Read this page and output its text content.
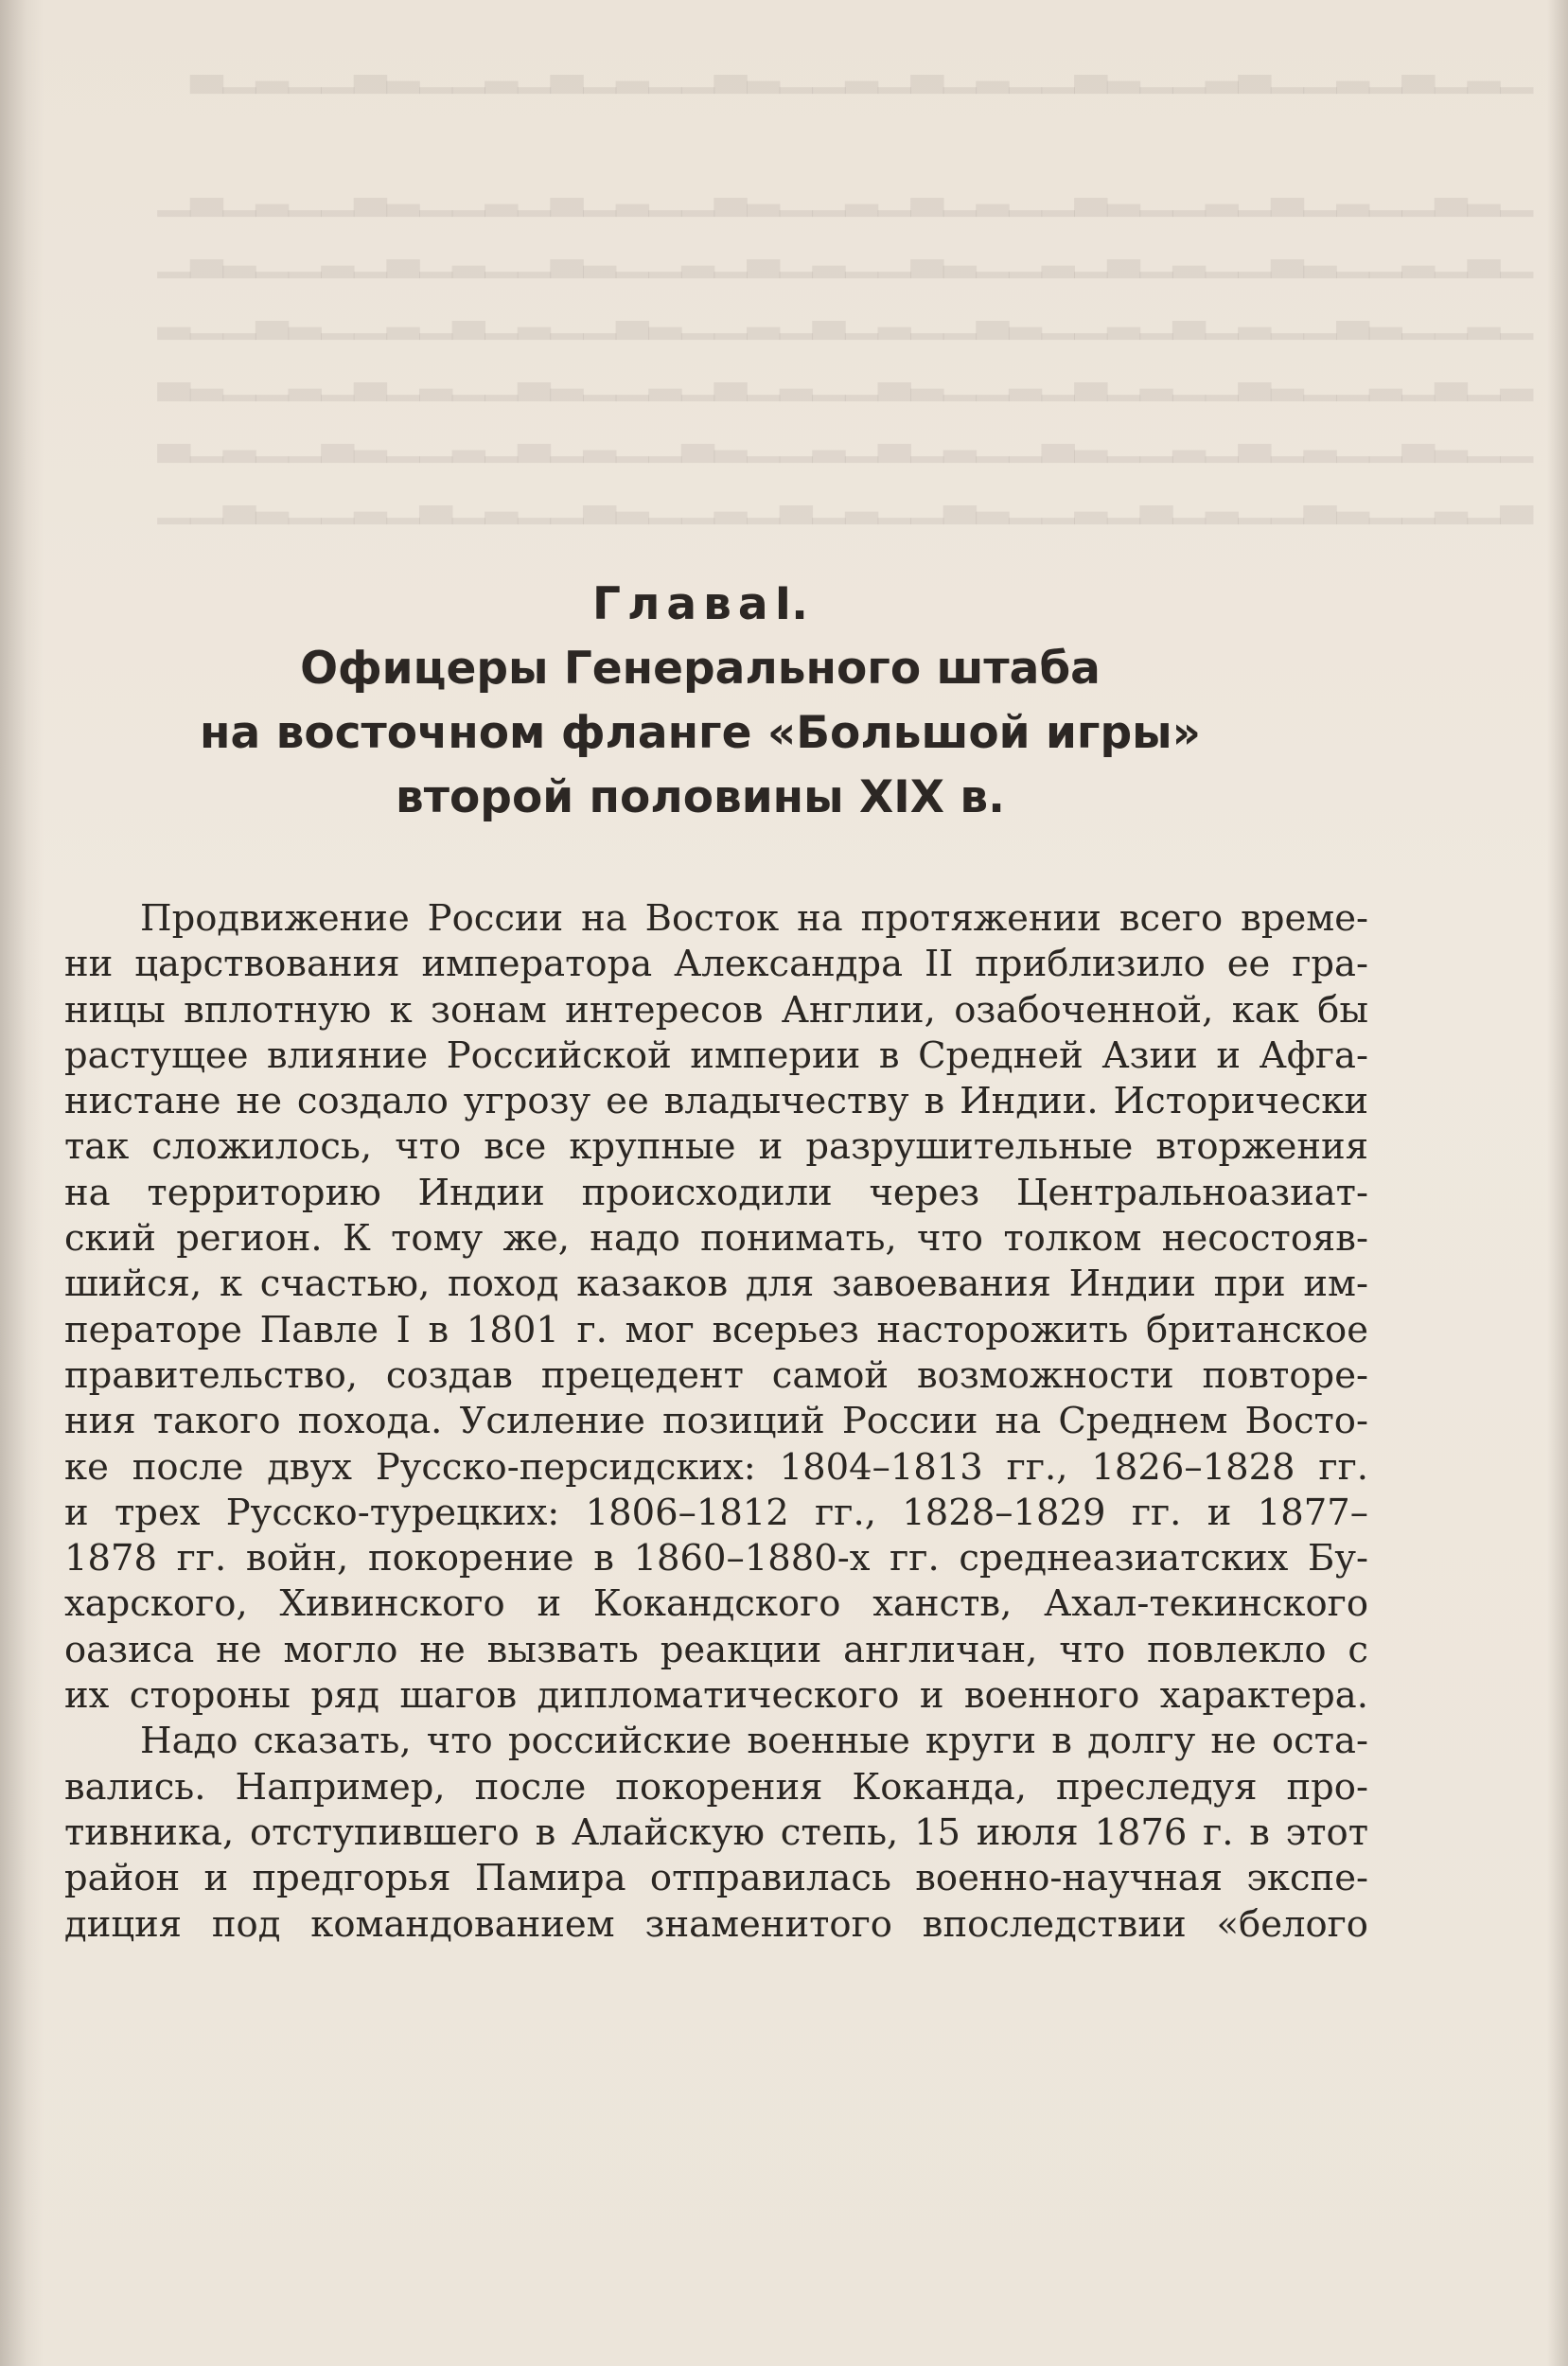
▁▂▁▃▁▂▁▁▃▂▁▁▂▃▁▁▂▁▃▁▂▁▁▂▃▁▁▂▁▃▁▂▁▁▂▃▁▁▂▁▃

▁▂▃▁▁▂▁▃▁▂▁▁▂▃▁▁▂▁▃▁▂▁▁▂▃▁▁▂▁▃▁▂▁▁▂▃▁▁▂▁▃▁
▁▃▁▂▁▁▂▃▁▁▂▁▃▁▂▁▁▂▃▁▁▂▁▃▁▂▁▁▂▃▁▁▂▁▃▁▂▁▁▂▃▁
▁▂▁▁▂▃▁▁▂▁▃▁▂▁▁▂▃▁▁▂▁▃▁▂▁▁▂▃▁▁▂▁▃▁▂▁▁▂▃▁▁▂
▂▁▃▁▂▁▁▂▃▁▁▂▁▃▁▂▁▁▂▃▁▁▂▁▃▁▂▁▁▂▃▁▁▂▁▃▁▂▁▁▂▃
▁▁▂▃▁▁▂▁▃▁▂▁▁▂▃▁▁▂▁▃▁▂▁▁▂▃▁▁▂▁▃▁▂▁▁▂▃▁▁▂▁▃
▃▁▂▁▁▂▃▁▁▂▁▃▁▂▁▁▂▃▁▁▂▁▃▁▂▁▁▂▃▁▁▂▁▃▁▂▁▁▂▃▁▁
ГлаваI.
Офицеры Генерального штаба
на восточном фланге «Большой игры»
второй половины XIX в.
Продвижение России на Восток на протяжении всего време-
ни царствования императора Александра II приблизило ее гра-
ницы вплотную к зонам интересов Англии, озабоченной, как бы
растущее влияние Российской империи в Средней Азии и Афга-
нистане не создало угрозу ее владычеству в Индии. Исторически
так сложилось, что все крупные и разрушительные вторжения
на территорию Индии происходили через Центральноазиат-
ский регион. К тому же, надо понимать, что толком несостояв-
шийся, к счастью, поход казаков для завоевания Индии при им-
ператоре Павле I в 1801 г. мог всерьез насторожить британское
правительство, создав прецедент самой возможности повторе-
ния такого похода. Усиление позиций России на Среднем Восто-
ке после двух Русско-персидских: 1804–1813 гг., 1826–1828 гг.
и трех Русско-турецких: 1806–1812 гг., 1828–1829 гг. и 1877–
1878 гг. войн, покорение в 1860–1880-х гг. среднеазиатских Бу-
харского, Хивинского и Кокандского ханств, Ахал-текинского
оазиса не могло не вызвать реакции англичан, что повлекло с
их стороны ряд шагов дипломатического и военного характера.
Надо сказать, что российские военные круги в долгу не оста-
вались. Например, после покорения Коканда, преследуя про-
тивника, отступившего в Алайскую степь, 15 июля 1876 г. в этот
район и предгорья Памира отправилась военно-научная экспе-
диция под командованием знаменитого впоследствии «белого
